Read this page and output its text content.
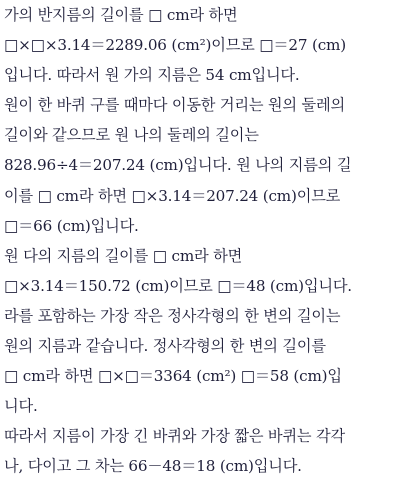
가의 반지름의 길이를 □ cm라 하면
□×□×3.14＝2289.06 (cm²)이므로 □＝27 (cm)
입니다. 따라서 원 가의 지름은 54 cm입니다.
원이 한 바퀴 구를 때마다 이동한 거리는 원의 둘레의
길이와 같으므로 원 나의 둘레의 길이는
828.96÷4＝207.24 (cm)입니다. 원 나의 지름의 길
이를 □ cm라 하면 □×3.14＝207.24 (cm)이므로
□＝66 (cm)입니다.
원 다의 지름의 길이를 □ cm라 하면
□×3.14＝150.72 (cm)이므로 □＝48 (cm)입니다.
라를 포함하는 가장 작은 정사각형의 한 변의 길이는
원의 지름과 같습니다. 정사각형의 한 변의 길이를
□ cm라 하면 □×□＝3364 (cm²) □＝58 (cm)입
니다.
따라서 지름이 가장 긴 바퀴와 가장 짧은 바퀴는 각각
나, 다이고 그 차는 66－48＝18 (cm)입니다.
